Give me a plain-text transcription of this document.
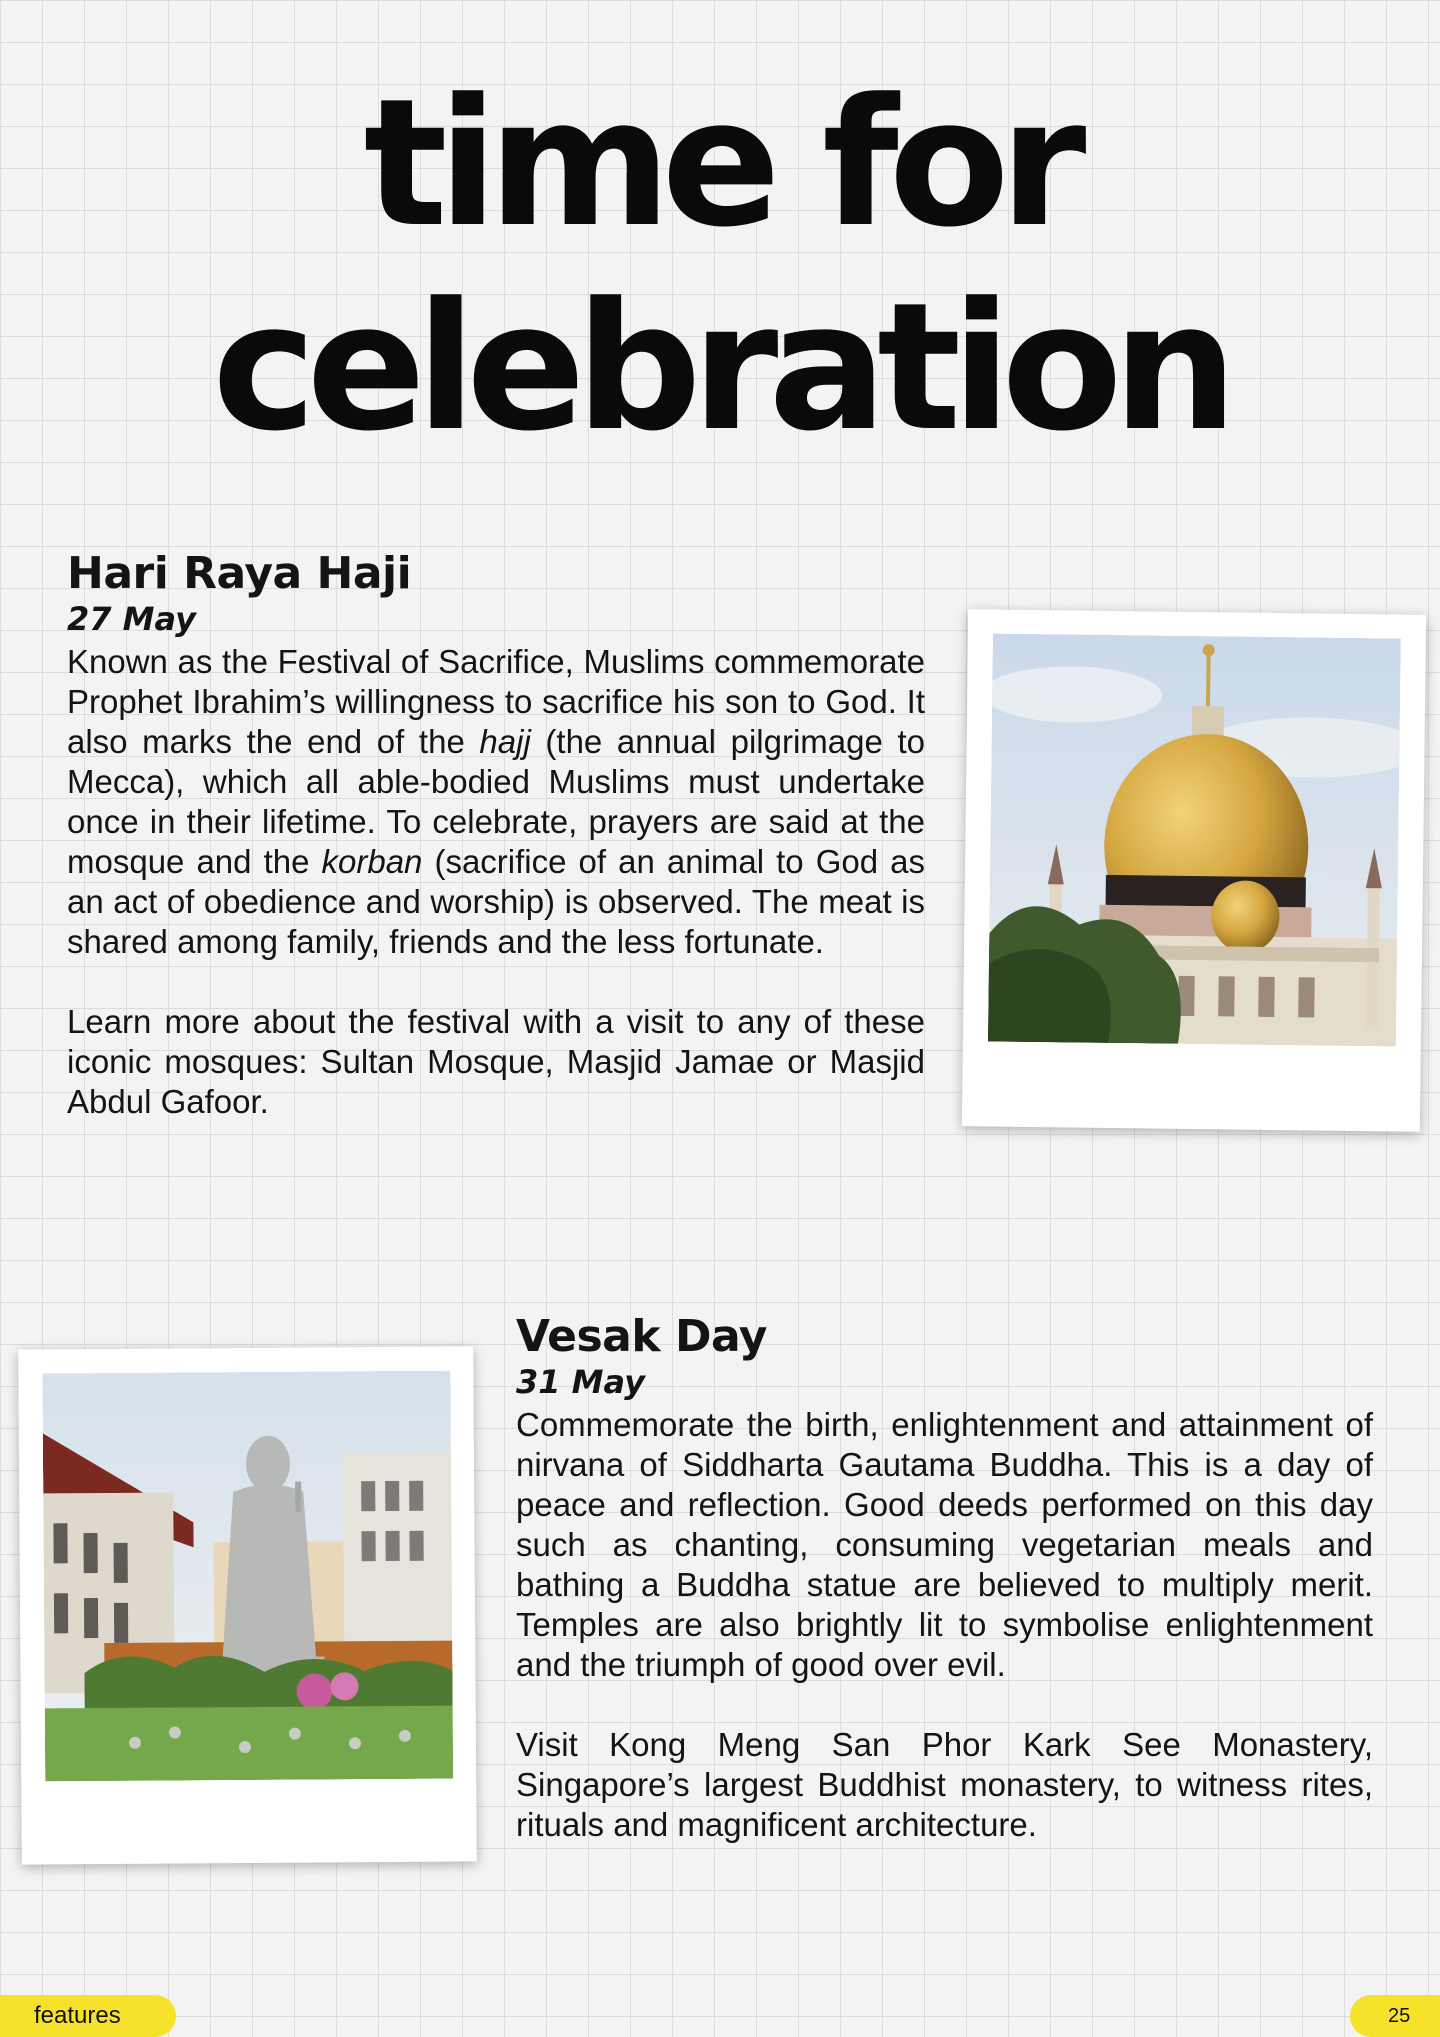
time for
celebration
Hari Raya Haji
27 May

Known as the Festival of Sacrifice, Muslims commemorate Prophet Ibrahim’s willingness to sacrifice his son to God. It also marks the end of the hajj (the annual pilgrimage to Mecca), which all able-bodied Muslims must undertake once in their lifetime. To celebrate, prayers are said at the mosque and the korban (sacrifice of an animal to God as an act of obedience and worship) is observed. The meat is shared among family, friends and the less fortunate.

Learn more about the festival with a visit to any of these iconic mosques: Sultan Mosque, Masjid Jamae or Masjid Abdul Gafoor.

Vesak Day
31 May

Commemorate the birth, enlightenment and attainment of nirvana of Siddharta Gautama Buddha. This is a day of peace and reflection. Good deeds performed on this day such as chanting, consuming vegetarian meals and bathing a Buddha statue are believed to multiply merit. Temples are also brightly lit to symbolise enlightenment and the triumph of good over evil.

Visit Kong Meng San Phor Kark See Monastery, Singapore’s largest Buddhist monastery, to witness rites, rituals and magnificent architecture.

features	25
